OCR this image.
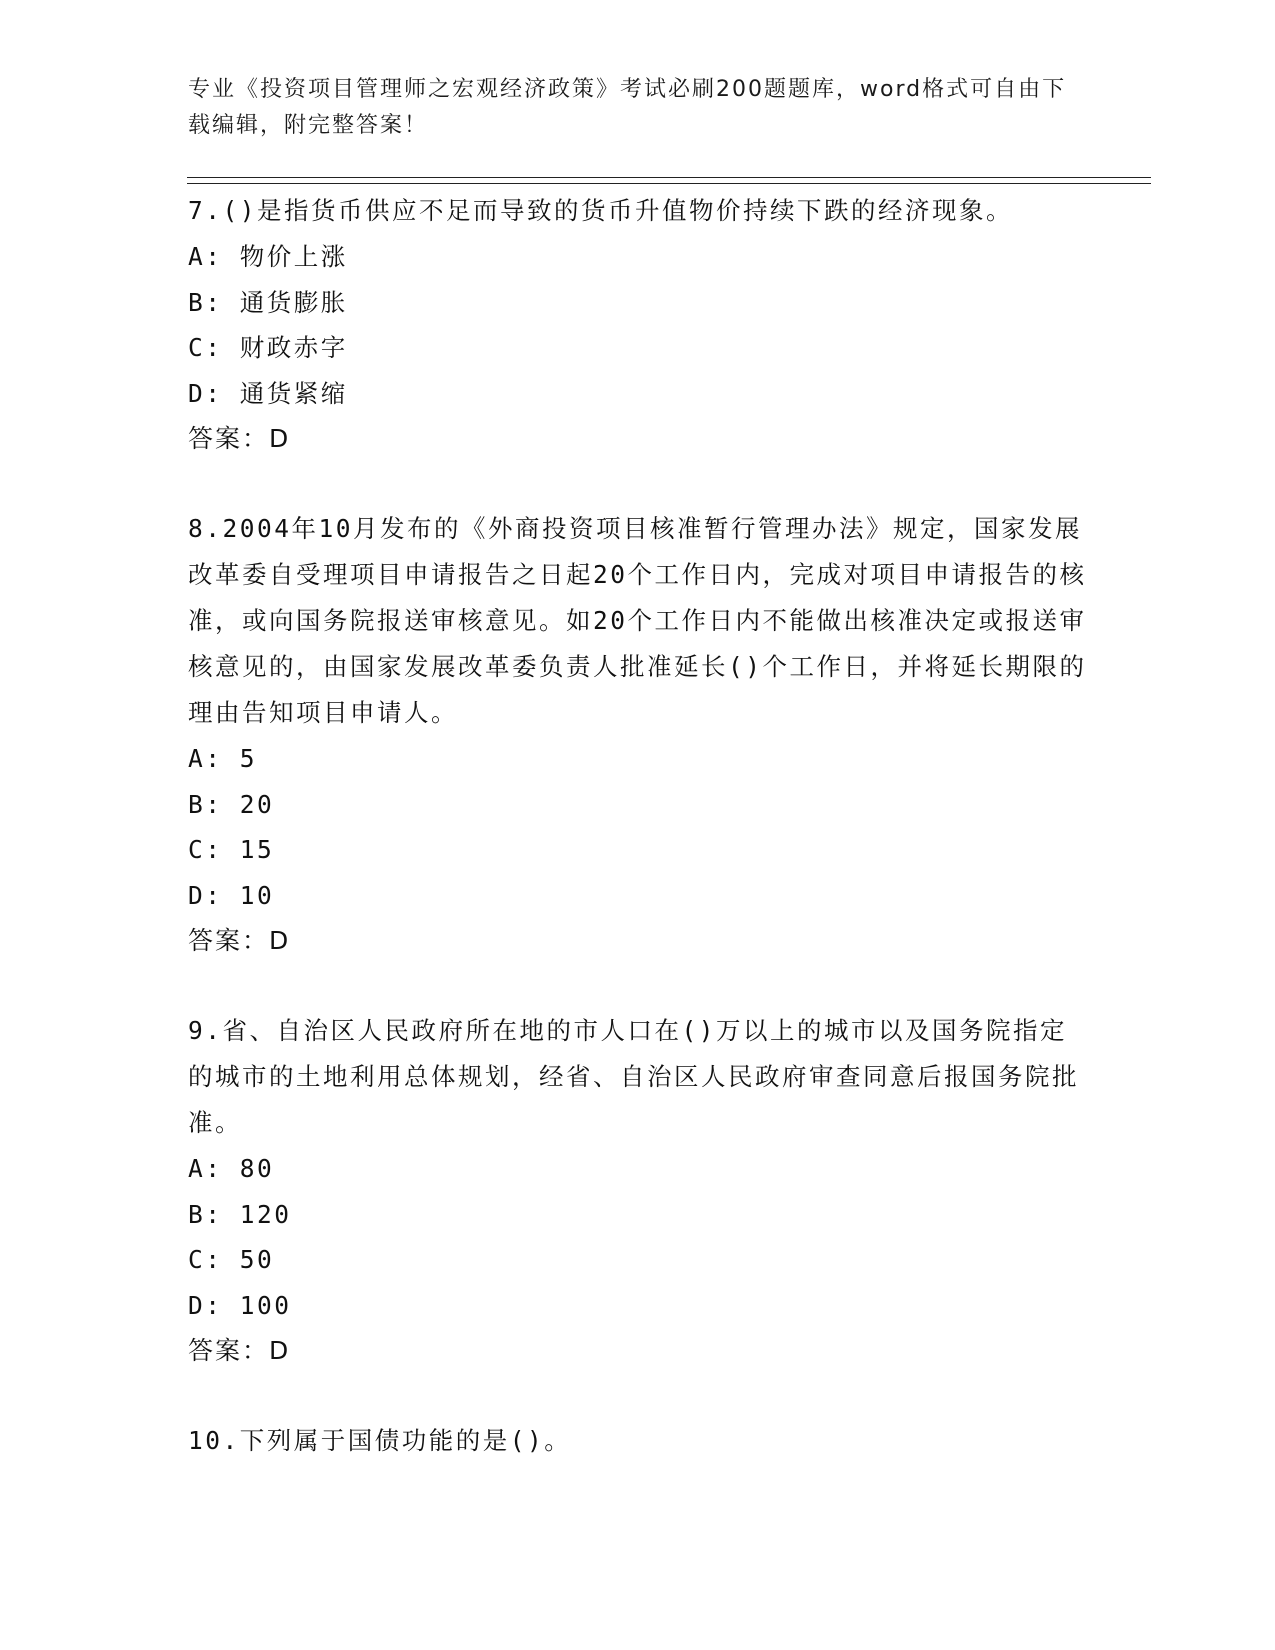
专业《投资项目管理师之宏观经济政策》考试必刷200题题库，word格式可自由下载编辑，附完整答案！

7.()是指货币供应不足而导致的货币升值物价持续下跌的经济现象。

A: 物价上涨

B: 通货膨胀

C: 财政赤字

D: 通货紧缩

答案：D

8.2004年10月发布的《外商投资项目核准暂行管理办法》规定，国家发展改革委自受理项目申请报告之日起20个工作日内，完成对项目申请报告的核准，或向国务院报送审核意见。如20个工作日内不能做出核准决定或报送审核意见的，由国家发展改革委负责人批准延长()个工作日，并将延长期限的理由告知项目申请人。

A: 5

B: 20

C: 15

D: 10

答案：D

9.省、自治区人民政府所在地的市人口在()万以上的城市以及国务院指定的城市的土地利用总体规划，经省、自治区人民政府审查同意后报国务院批准。

A: 80

B: 120

C: 50

D: 100

答案：D

10.下列属于国债功能的是()。
